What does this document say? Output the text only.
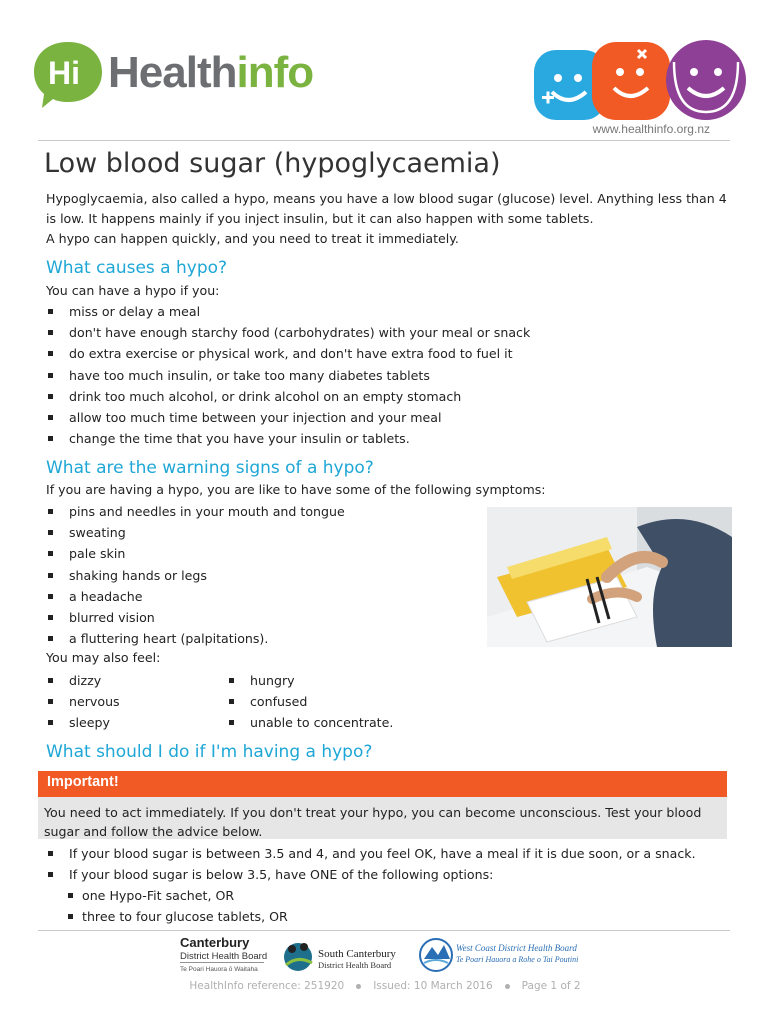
Hi Healthinfo
www.healthinfo.org.nz
Low blood sugar (hypoglycaemia)

Hypoglycaemia, also called a hypo, means you have a low blood sugar (glucose) level. Anything less than 4 is low. It happens mainly if you inject insulin, but it can also happen with some tablets.

A hypo can happen quickly, and you need to treat it immediately.

What causes a hypo?

You can have a hypo if you:

miss or delay a meal
don't have enough starchy food (carbohydrates) with your meal or snack
do extra exercise or physical work, and don't have extra food to fuel it
have too much insulin, or take too many diabetes tablets
drink too much alcohol, or drink alcohol on an empty stomach
allow too much time between your injection and your meal
change the time that you have your insulin or tablets.
What are the warning signs of a hypo?

If you are having a hypo, you are like to have some of the following symptoms:

pins and needles in your mouth and tongue
sweating
pale skin
shaking hands or legs
a headache
blurred vision
a fluttering heart (palpitations).

You may also feel:

dizzy
nervous
sleepy
hungry
confused
unable to concentrate.
What should I do if I'm having a hypo?
Important!
You need to act immediately. If you don't treat your hypo, you can become unconscious. Test your blood sugar and follow the advice below.
If your blood sugar is between 3.5 and 4, and you feel OK, have a meal if it is due soon, or a snack.
If your blood sugar is below 3.5, have ONE of the following options:
one Hypo-Fit sachet, OR
three to four glucose tablets, OR
Canterbury
District Health Board
Te Poari Hauora ō Waitaha
South Canterbury
District Health Board
West Coast District Health Board
Te Poari Hauora a Rohe o Tai Poutini
HealthInfo reference: 251920	Issued: 10 March 2016	Page 1 of 2
